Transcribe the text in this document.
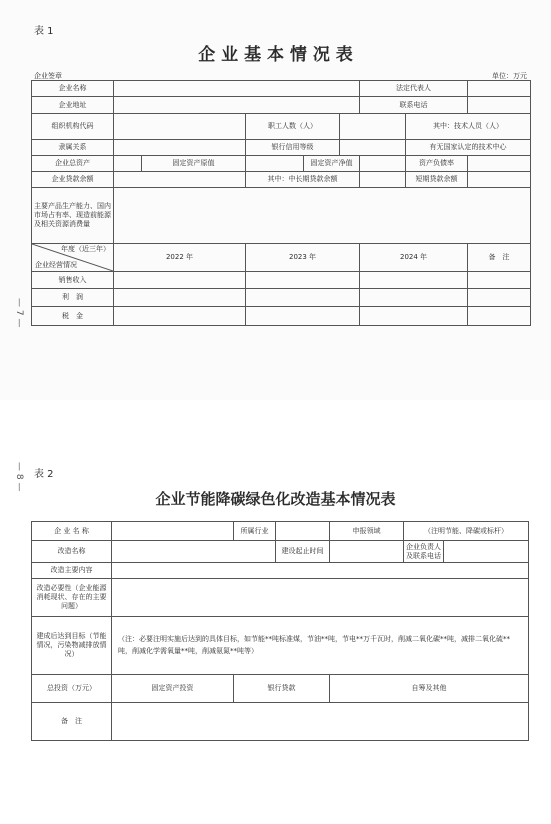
表 1
企 业 基 本 情 况 表
企业签章	单位：万元
企业名称						法定代表人		
企业地址						联系电话		
组织机构代码			职工人数（人）				其中：技术人员（人）	
隶属关系			银行信用等级				有无国家认定的技术中心	
企业总资产		固定资产原值		固定资产净值			资产负债率	
企业贷款余额			其中：中长期贷款余额				短期贷款余额	
主要产品生产能力、国内市场占有率、现造前能源及相关资源消费量								

年度（近三年）
企业经营情况	2022 年		2023 年			2024 年		备　注
销售收入								
利　润								
税　金								
— 7 —
— 8 — 表 2
企业节能降碳绿色化改造基本情况表
企 业 名 称		所属行业		申报领域	（注明节能、降碳或标杆）	
改造名称			建设起止时间		企业负责人及联系电话	
改造主要内容						
改造必要性（企业能源消耗现状、存在的主要问题）						
建成后达到目标（节能情况，污染物减排放情况）	（注：必要注明实施后达到的具体目标，如节能**吨标准煤，节油**吨，节电**万千瓦时，削减二氧化碳**吨，减排二氧化硫**吨，削减化学需氧量**吨，削减氨氮**吨等）					
总投资（万元）	固定资产投资	银行贷款		自筹及其他		
备　注						
